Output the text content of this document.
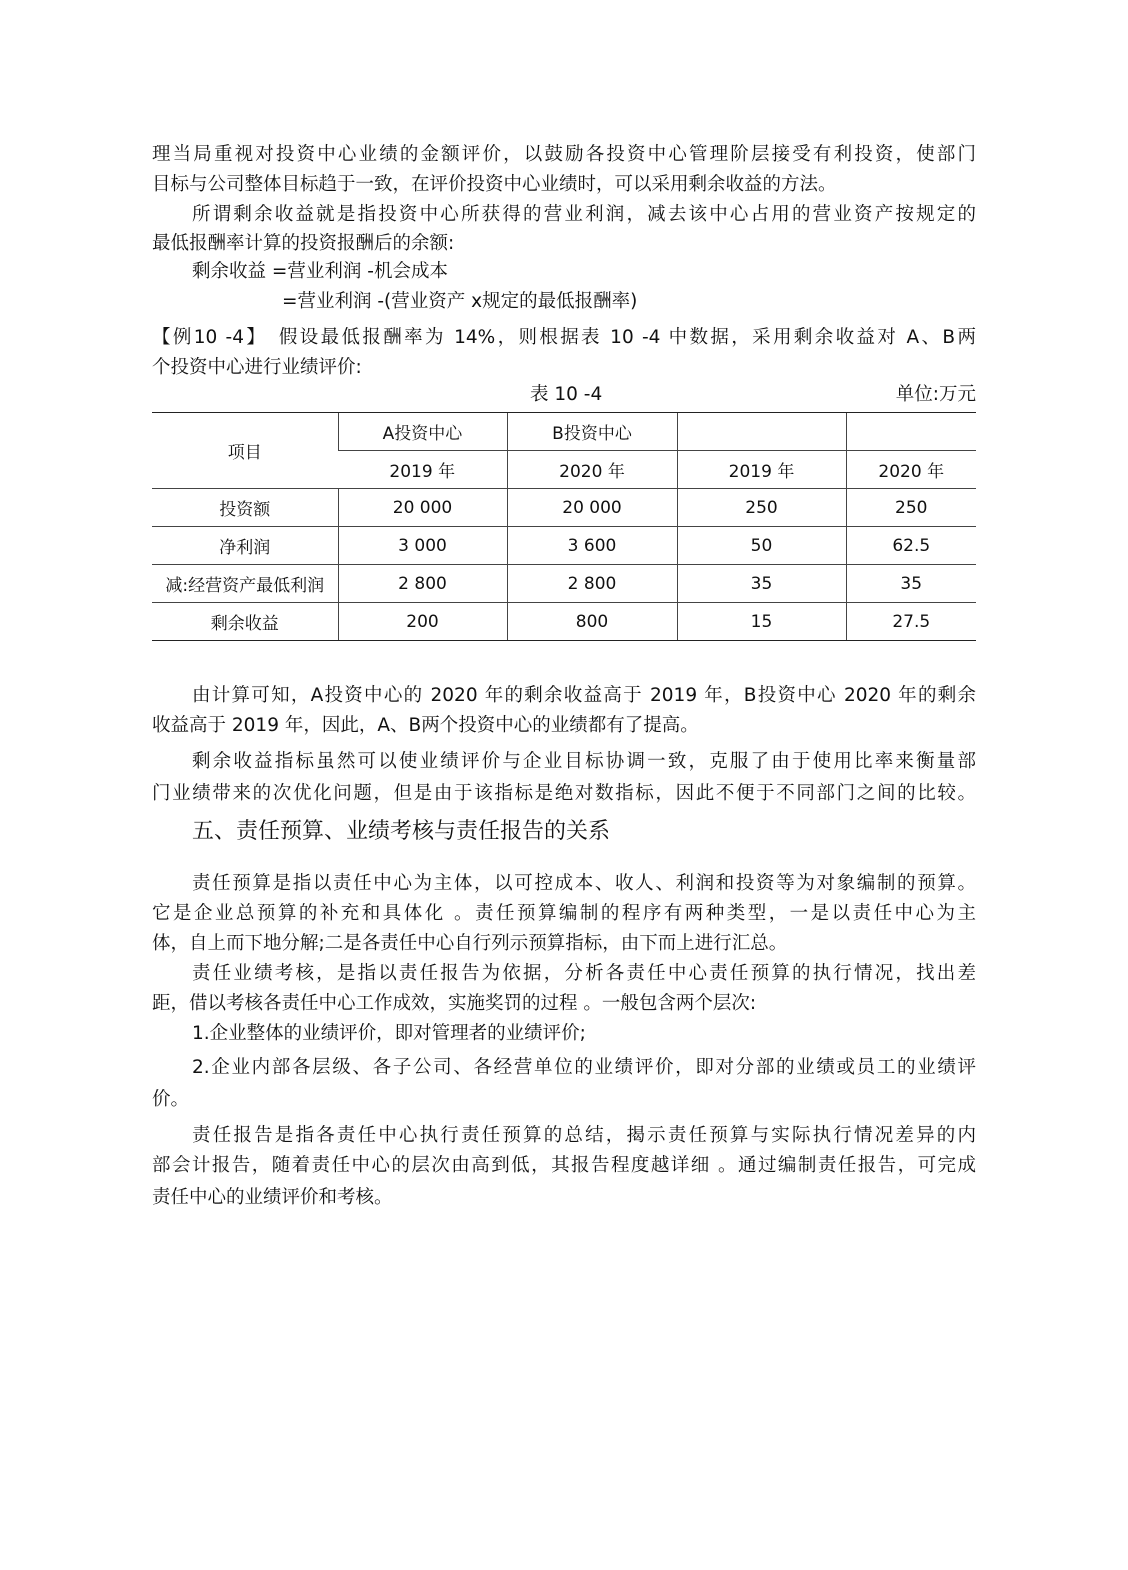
理当局重视对投资中心业绩的金额评价，以鼓励各投资中心管理阶层接受有利投资，使部门
目标与公司整体目标趋于一致，在评价投资中心业绩时，可以采用剩余收益的方法。
所谓剩余收益就是指投资中心所获得的营业利润，减去该中心占用的营业资产按规定的
最低报酬率计算的投资报酬后的余额:
剩余收益 =营业利润 -机会成本
=营业利润 -(营业资产 x规定的最低报酬率)
【例10 -4】　假设最低报酬率为 14%，则根据表 10 -4 中数据，采用剩余收益对 A、B两
个投资中心进行业绩评价:
表 10 -4	单位:万元
项目	A投资中心	B投资中心		
	2019 年	2020 年	2019 年	2020 年
投资额	20 000	20 000	250	250
净利润	3 000	3 600	50	62.5
减:经营资产最低利润	2 800	2 800	35	35
剩余收益	200	800	15	27.5
由计算可知，A投资中心的 2020 年的剩余收益高于 2019 年，B投资中心 2020 年的剩余
收益高于 2019 年，因此，A、B两个投资中心的业绩都有了提高。
剩余收益指标虽然可以使业绩评价与企业目标协调一致，克服了由于使用比率来衡量部
门业绩带来的次优化问题，但是由于该指标是绝对数指标，因此不便于不同部门之间的比较。
五、责任预算、业绩考核与责任报告的关系
责任预算是指以责任中心为主体，以可控成本、收人、利润和投资等为对象编制的预算。
它是企业总预算的补充和具体化 。责任预算编制的程序有两种类型，一是以责任中心为主
体，自上而下地分解;二是各责任中心自行列示预算指标，由下而上进行汇总。
责任业绩考核，是指以责任报告为依据，分析各责任中心责任预算的执行情况，找出差
距，借以考核各责任中心工作成效，实施奖罚的过程 。一般包含两个层次:
1.企业整体的业绩评价，即对管理者的业绩评价;
2.企业内部各层级、各子公司、各经营单位的业绩评价，即对分部的业绩或员工的业绩评
价。
责任报告是指各责任中心执行责任预算的总结，揭示责任预算与实际执行情况差异的内
部会计报告，随着责任中心的层次由高到低，其报告程度越详细 。通过编制责任报告，可完成
责任中心的业绩评价和考核。
